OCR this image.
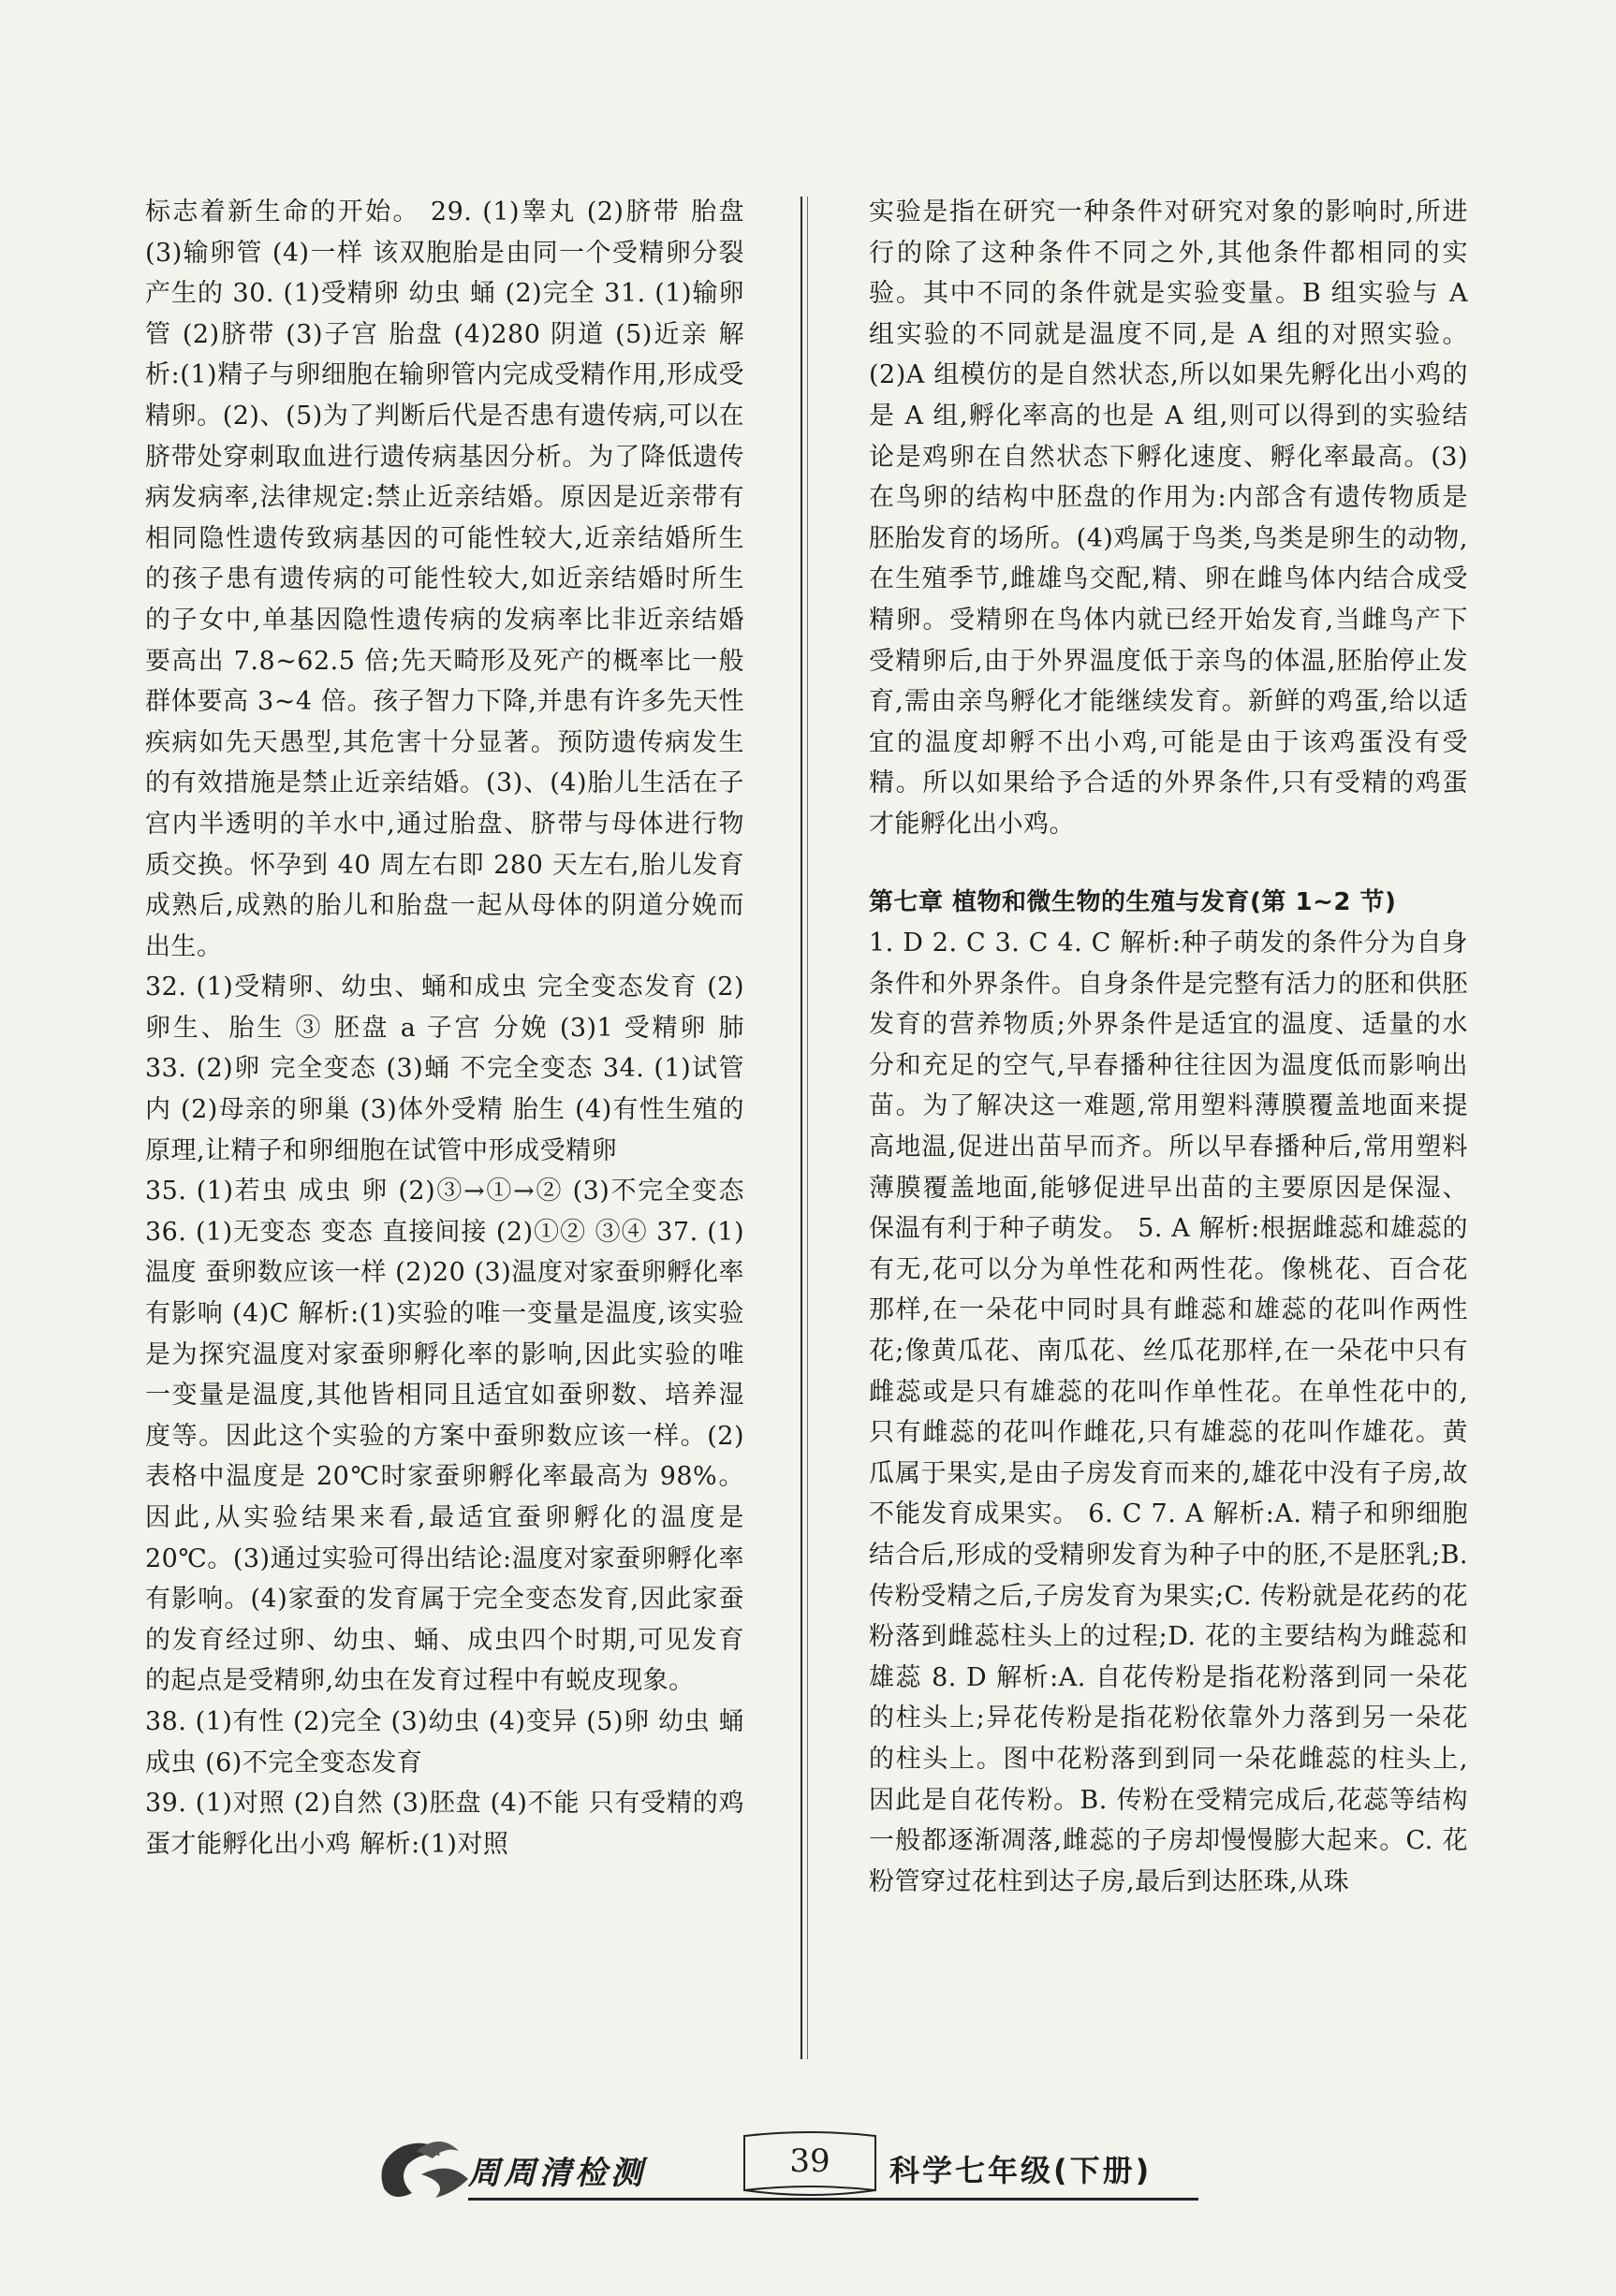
标志着新生命的开始。 29. (1)睾丸 (2)脐带 胎盘 (3)输卵管 (4)一样 该双胞胎是由同一个受精卵分裂产生的 30. (1)受精卵 幼虫 蛹 (2)完全 31. (1)输卵管 (2)脐带 (3)子宫 胎盘 (4)280 阴道 (5)近亲 解析:(1)精子与卵细胞在输卵管内完成受精作用,形成受精卵。(2)、(5)为了判断后代是否患有遗传病,可以在脐带处穿刺取血进行遗传病基因分析。为了降低遗传病发病率,法律规定:禁止近亲结婚。原因是近亲带有相同隐性遗传致病基因的可能性较大,近亲结婚所生的孩子患有遗传病的可能性较大,如近亲结婚时所生的子女中,单基因隐性遗传病的发病率比非近亲结婚要高出 7.8~62.5 倍;先天畸形及死产的概率比一般群体要高 3~4 倍。孩子智力下降,并患有许多先天性疾病如先天愚型,其危害十分显著。预防遗传病发生的有效措施是禁止近亲结婚。(3)、(4)胎儿生活在子宫内半透明的羊水中,通过胎盘、脐带与母体进行物质交换。怀孕到 40 周左右即 280 天左右,胎儿发育成熟后,成熟的胎儿和胎盘一起从母体的阴道分娩而出生。

32. (1)受精卵、幼虫、蛹和成虫 完全变态发育 (2)卵生、胎生 ③ 胚盘 a 子宫 分娩 (3)1 受精卵 肺 33. (2)卵 完全变态 (3)蛹 不完全变态 34. (1)试管内 (2)母亲的卵巢 (3)体外受精 胎生 (4)有性生殖的原理,让精子和卵细胞在试管中形成受精卵

35. (1)若虫 成虫 卵 (2)③→①→② (3)不完全变态 36. (1)无变态 变态 直接间接 (2)①② ③④ 37. (1)温度 蚕卵数应该一样 (2)20 (3)温度对家蚕卵孵化率有影响 (4)C 解析:(1)实验的唯一变量是温度,该实验是为探究温度对家蚕卵孵化率的影响,因此实验的唯一变量是温度,其他皆相同且适宜如蚕卵数、培养湿度等。因此这个实验的方案中蚕卵数应该一样。(2)表格中温度是 20℃时家蚕卵孵化率最高为 98%。因此,从实验结果来看,最适宜蚕卵孵化的温度是 20℃。(3)通过实验可得出结论:温度对家蚕卵孵化率有影响。(4)家蚕的发育属于完全变态发育,因此家蚕的发育经过卵、幼虫、蛹、成虫四个时期,可见发育的起点是受精卵,幼虫在发育过程中有蜕皮现象。

38. (1)有性 (2)完全 (3)幼虫 (4)变异 (5)卵 幼虫 蛹 成虫 (6)不完全变态发育

39. (1)对照 (2)自然 (3)胚盘 (4)不能 只有受精的鸡蛋才能孵化出小鸡 解析:(1)对照

实验是指在研究一种条件对研究对象的影响时,所进行的除了这种条件不同之外,其他条件都相同的实验。其中不同的条件就是实验变量。B 组实验与 A 组实验的不同就是温度不同,是 A 组的对照实验。(2)A 组模仿的是自然状态,所以如果先孵化出小鸡的是 A 组,孵化率高的也是 A 组,则可以得到的实验结论是鸡卵在自然状态下孵化速度、孵化率最高。(3)在鸟卵的结构中胚盘的作用为:内部含有遗传物质是胚胎发育的场所。(4)鸡属于鸟类,鸟类是卵生的动物,在生殖季节,雌雄鸟交配,精、卵在雌鸟体内结合成受精卵。受精卵在鸟体内就已经开始发育,当雌鸟产下受精卵后,由于外界温度低于亲鸟的体温,胚胎停止发育,需由亲鸟孵化才能继续发育。新鲜的鸡蛋,给以适宜的温度却孵不出小鸡,可能是由于该鸡蛋没有受精。所以如果给予合适的外界条件,只有受精的鸡蛋才能孵化出小鸡。

第七章 植物和微生物的生殖与发育(第 1~2 节)

1. D 2. C 3. C 4. C 解析:种子萌发的条件分为自身条件和外界条件。自身条件是完整有活力的胚和供胚发育的营养物质;外界条件是适宜的温度、适量的水分和充足的空气,早春播种往往因为温度低而影响出苗。为了解决这一难题,常用塑料薄膜覆盖地面来提高地温,促进出苗早而齐。所以早春播种后,常用塑料薄膜覆盖地面,能够促进早出苗的主要原因是保湿、保温有利于种子萌发。 5. A 解析:根据雌蕊和雄蕊的有无,花可以分为单性花和两性花。像桃花、百合花那样,在一朵花中同时具有雌蕊和雄蕊的花叫作两性花;像黄瓜花、南瓜花、丝瓜花那样,在一朵花中只有雌蕊或是只有雄蕊的花叫作单性花。在单性花中的,只有雌蕊的花叫作雌花,只有雄蕊的花叫作雄花。黄瓜属于果实,是由子房发育而来的,雄花中没有子房,故不能发育成果实。 6. C 7. A 解析:A. 精子和卵细胞结合后,形成的受精卵发育为种子中的胚,不是胚乳;B. 传粉受精之后,子房发育为果实;C. 传粉就是花药的花粉落到雌蕊柱头上的过程;D. 花的主要结构为雌蕊和雄蕊 8. D 解析:A. 自花传粉是指花粉落到同一朵花的柱头上;异花传粉是指花粉依靠外力落到另一朵花的柱头上。图中花粉落到到同一朵花雌蕊的柱头上,因此是自花传粉。B. 传粉在受精完成后,花蕊等结构一般都逐渐凋落,雌蕊的子房却慢慢膨大起来。C. 花粉管穿过花柱到达子房,最后到达胚珠,从珠

周周清检测	39	科学七年级(下册)
